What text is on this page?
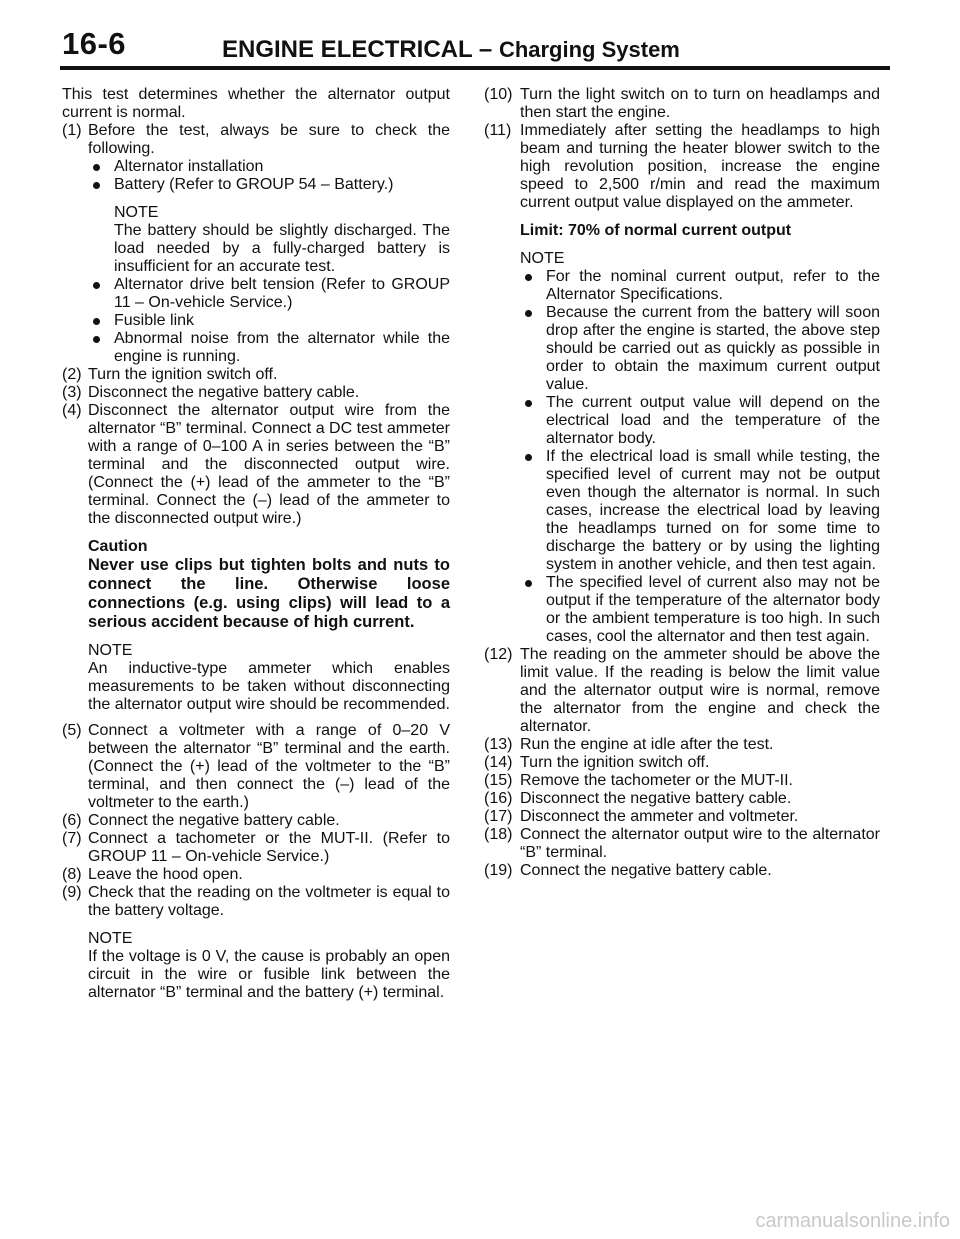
16-6	ENGINE ELECTRICAL – Charging System

This test determines whether the alternator output current is normal.

(1) Before the test, always be sure to check the following.
Alternator installation
Battery (Refer to GROUP 54 – Battery.)
NOTE
The battery should be slightly discharged. The load needed by a fully-charged battery is insufficient for an accurate test.
Alternator drive belt tension (Refer to GROUP 11 – On-vehicle Service.)
Fusible link
Abnormal noise from the alternator while the engine is running.
(2) Turn the ignition switch off.
(3) Disconnect the negative battery cable.
(4) Disconnect the alternator output wire from the alternator “B” terminal. Connect a DC test ammeter with a range of 0–100 A in series between the “B” terminal and the disconnected output wire. (Connect the (+) lead of the ammeter to the “B” terminal. Connect the (–) lead of the ammeter to the disconnected output wire.)
Caution
Never use clips but tighten bolts and nuts to connect the line. Otherwise loose connections (e.g. using clips) will lead to a serious accident because of high current.
NOTE
An inductive-type ammeter which enables measurements to be taken without disconnecting the alternator output wire should be recommended.
(5) Connect a voltmeter with a range of 0–20 V between the alternator “B” terminal and the earth. (Connect the (+) lead of the voltmeter to the “B” terminal, and then connect the (–) lead of the voltmeter to the earth.)
(6) Connect the negative battery cable.
(7) Connect a tachometer or the MUT-II. (Refer to GROUP 11 – On-vehicle Service.)
(8) Leave the hood open.
(9) Check that the reading on the voltmeter is equal to the battery voltage.
NOTE
If the voltage is 0 V, the cause is probably an open circuit in the wire or fusible link between the alternator “B” terminal and the battery (+) terminal.
(10) Turn the light switch on to turn on headlamps and then start the engine.
(11) Immediately after setting the headlamps to high beam and turning the heater blower switch to the high revolution position, increase the engine speed to 2,500 r/min and read the maximum current output value displayed on the ammeter.
Limit: 70% of normal current output
NOTE
For the nominal current output, refer to the Alternator Specifications.
Because the current from the battery will soon drop after the engine is started, the above step should be carried out as quickly as possible in order to obtain the maximum current output value.
The current output value will depend on the electrical load and the temperature of the alternator body.
If the electrical load is small while testing, the specified level of current may not be output even though the alternator is normal. In such cases, increase the electrical load by leaving the headlamps turned on for some time to discharge the battery or by using the lighting system in another vehicle, and then test again.
The specified level of current also may not be output if the temperature of the alternator body or the ambient temperature is too high. In such cases, cool the alternator and then test again.
(12) The reading on the ammeter should be above the limit value. If the reading is below the limit value and the alternator output wire is normal, remove the alternator from the engine and check the alternator.
(13) Run the engine at idle after the test.
(14) Turn the ignition switch off.
(15) Remove the tachometer or the MUT-II.
(16) Disconnect the negative battery cable.
(17) Disconnect the ammeter and voltmeter.
(18) Connect the alternator output wire to the alternator “B” terminal.
(19) Connect the negative battery cable.
carmanualsonline.info
